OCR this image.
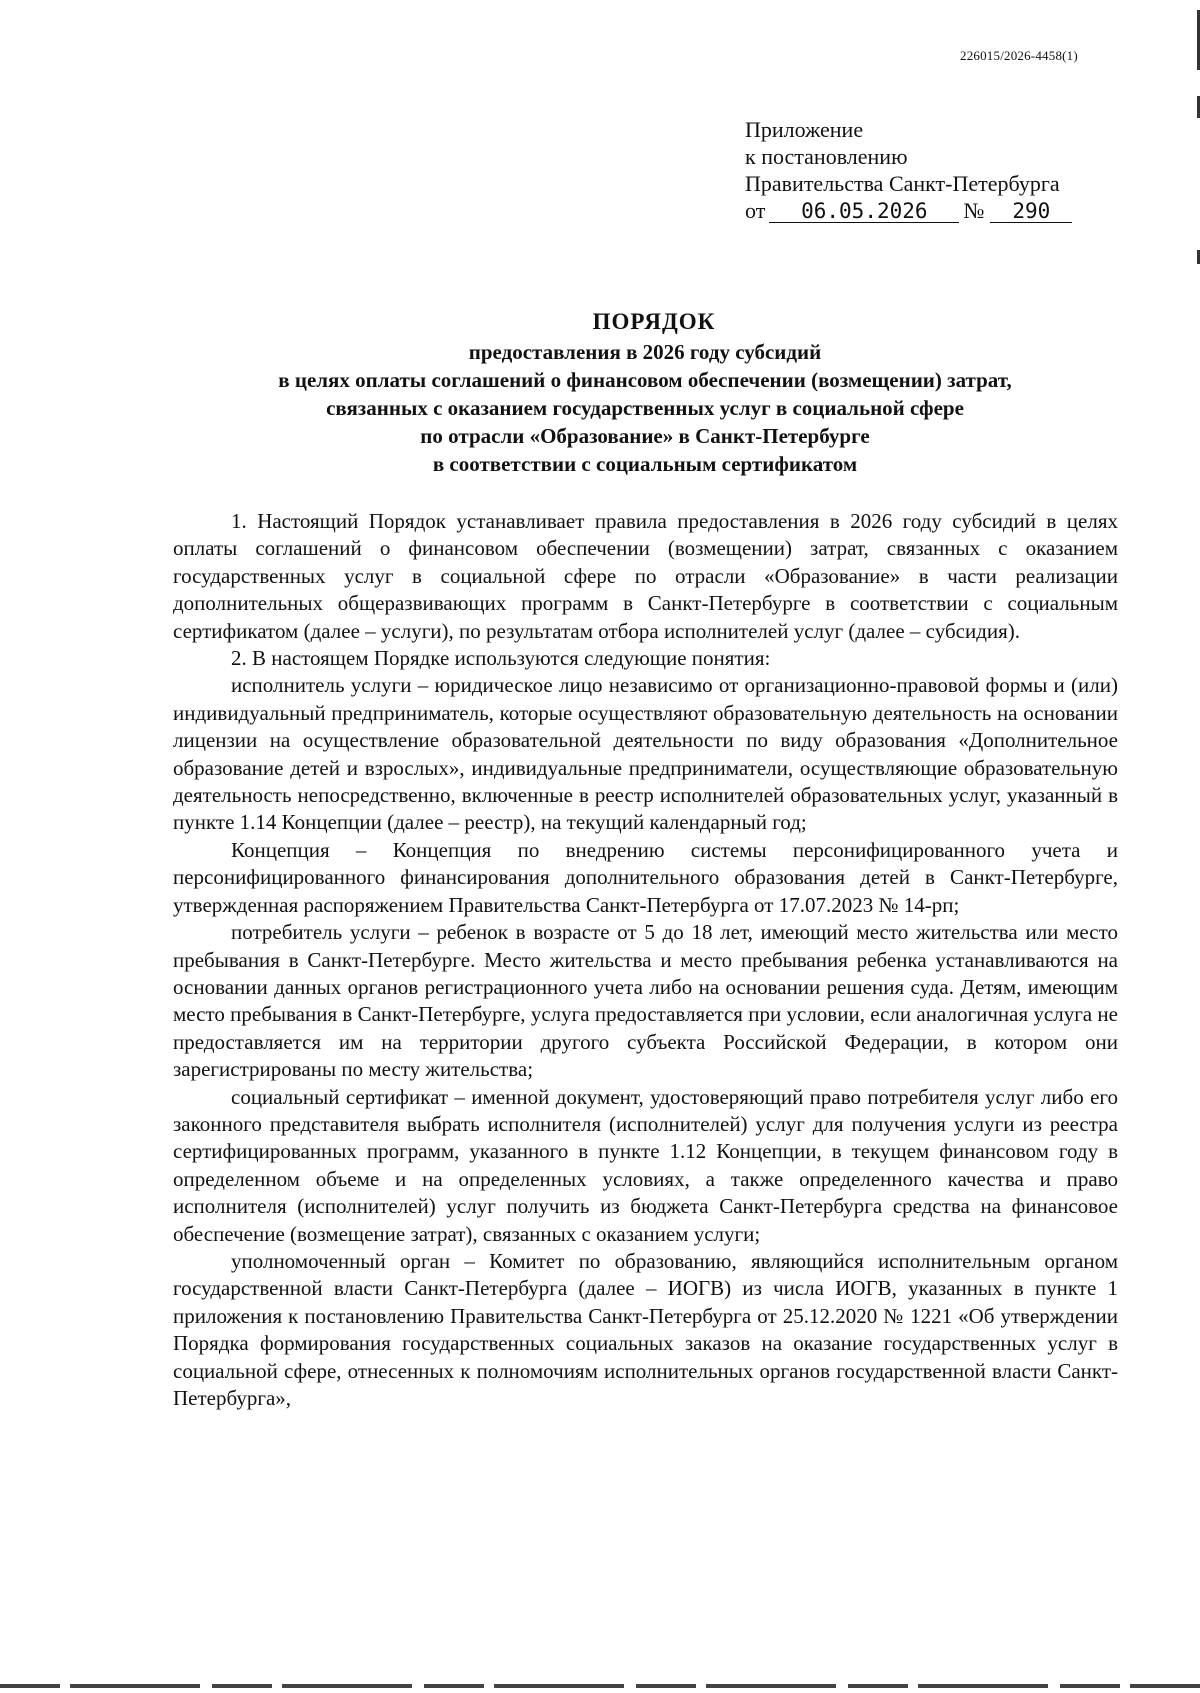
226015/2026-4458(1)
Приложение
к постановлению
Правительства Санкт-Петербурга
от 06.05.2026 № 290
ПОРЯДОК
предоставления в 2026 году субсидий
в целях оплаты соглашений о финансовом обеспечении (возмещении) затрат,
связанных с оказанием государственных услуг в социальной сфере
по отрасли «Образование» в Санкт-Петербурге
в соответствии с социальным сертификатом

1. Настоящий Порядок устанавливает правила предоставления в 2026 году субсидий в целях оплаты соглашений о финансовом обеспечении (возмещении) затрат, связанных с оказанием государственных услуг в социальной сфере по отрасли «Образование» в части реализации дополнительных общеразвивающих программ в Санкт-Петербурге в соответствии с социальным сертификатом (далее – услуги), по результатам отбора исполнителей услуг (далее – субсидия).

2. В настоящем Порядке используются следующие понятия:

исполнитель услуги – юридическое лицо независимо от организационно-правовой формы и (или) индивидуальный предприниматель, которые осуществляют образовательную деятельность на основании лицензии на осуществление образовательной деятельности по виду образования «Дополнительное образование детей и взрослых», индивидуальные предприниматели, осуществляющие образовательную деятельность непосредственно, включенные в реестр исполнителей образовательных услуг, указанный в пункте 1.14 Концепции (далее – реестр), на текущий календарный год;

Концепция – Концепция по внедрению системы персонифицированного учета и персонифицированного финансирования дополнительного образования детей в Санкт-Петербурге, утвержденная распоряжением Правительства Санкт-Петербурга от 17.07.2023 № 14-рп;

потребитель услуги – ребенок в возрасте от 5 до 18 лет, имеющий место жительства или место пребывания в Санкт-Петербурге. Место жительства и место пребывания ребенка устанавливаются на основании данных органов регистрационного учета либо на основании решения суда. Детям, имеющим место пребывания в Санкт-Петербурге, услуга предоставляется при условии, если аналогичная услуга не предоставляется им на территории другого субъекта Российской Федерации, в котором они зарегистрированы по месту жительства;

социальный сертификат – именной документ, удостоверяющий право потребителя услуг либо его законного представителя выбрать исполнителя (исполнителей) услуг для получения услуги из реестра сертифицированных программ, указанного в пункте 1.12 Концепции, в текущем финансовом году в определенном объеме и на определенных условиях, а также определенного качества и право исполнителя (исполнителей) услуг получить из бюджета Санкт-Петербурга средства на финансовое обеспечение (возмещение затрат), связанных с оказанием услуги;

уполномоченный орган – Комитет по образованию, являющийся исполнительным органом государственной власти Санкт-Петербурга (далее – ИОГВ) из числа ИОГВ, указанных в пункте 1 приложения к постановлению Правительства Санкт-Петербурга от 25.12.2020 № 1221 «Об утверждении Порядка формирования государственных социальных заказов на оказание государственных услуг в социальной сфере, отнесенных к полномочиям исполнительных органов государственной власти Санкт-Петербурга»,
